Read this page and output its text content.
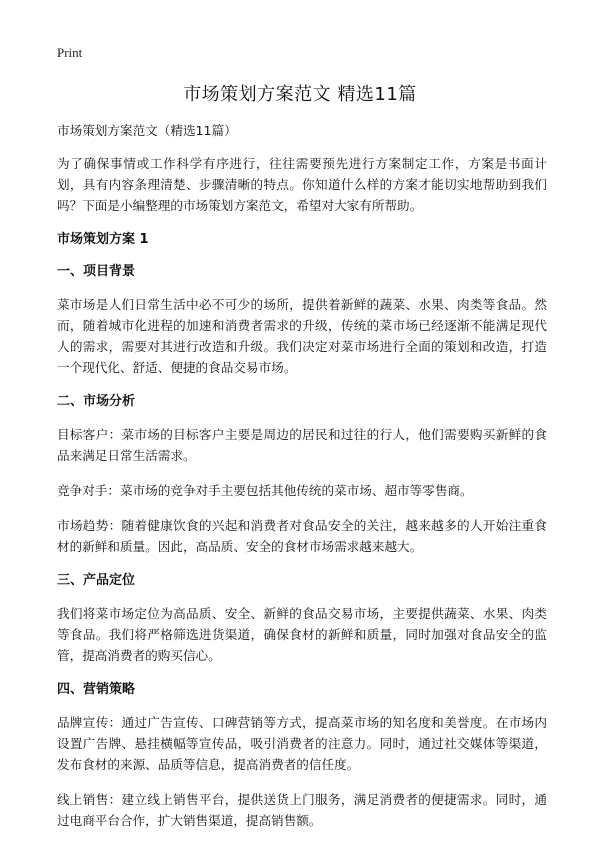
Print
市场策划方案范文 精选11篇

市场策划方案范文（精选11篇）

为了确保事情或工作科学有序进行，往往需要预先进行方案制定工作，方案是书面计划，具有内容条理清楚、步骤清晰的特点。你知道什么样的方案才能切实地帮助到我们吗？下面是小编整理的市场策划方案范文，希望对大家有所帮助。

市场策划方案 1
一、项目背景

菜市场是人们日常生活中必不可少的场所，提供着新鲜的蔬菜、水果、肉类等食品。然而，随着城市化进程的加速和消费者需求的升级，传统的菜市场已经逐渐不能满足现代人的需求，需要对其进行改造和升级。我们决定对菜市场进行全面的策划和改造，打造一个现代化、舒适、便捷的食品交易市场。

二、市场分析

目标客户：菜市场的目标客户主要是周边的居民和过往的行人，他们需要购买新鲜的食品来满足日常生活需求。

竞争对手：菜市场的竞争对手主要包括其他传统的菜市场、超市等零售商。

市场趋势：随着健康饮食的兴起和消费者对食品安全的关注，越来越多的人开始注重食材的新鲜和质量。因此，高品质、安全的食材市场需求越来越大。

三、产品定位

我们将菜市场定位为高品质、安全、新鲜的食品交易市场，主要提供蔬菜、水果、肉类等食品。我们将严格筛选进货渠道，确保食材的新鲜和质量，同时加强对食品安全的监管，提高消费者的购买信心。

四、营销策略

品牌宣传：通过广告宣传、口碑营销等方式，提高菜市场的知名度和美誉度。在市场内设置广告牌、悬挂横幅等宣传品，吸引消费者的注意力。同时，通过社交媒体等渠道，发布食材的来源、品质等信息，提高消费者的信任度。

线上销售：建立线上销售平台，提供送货上门服务，满足消费者的便捷需求。同时，通过电商平台合作，扩大销售渠道，提高销售额。
